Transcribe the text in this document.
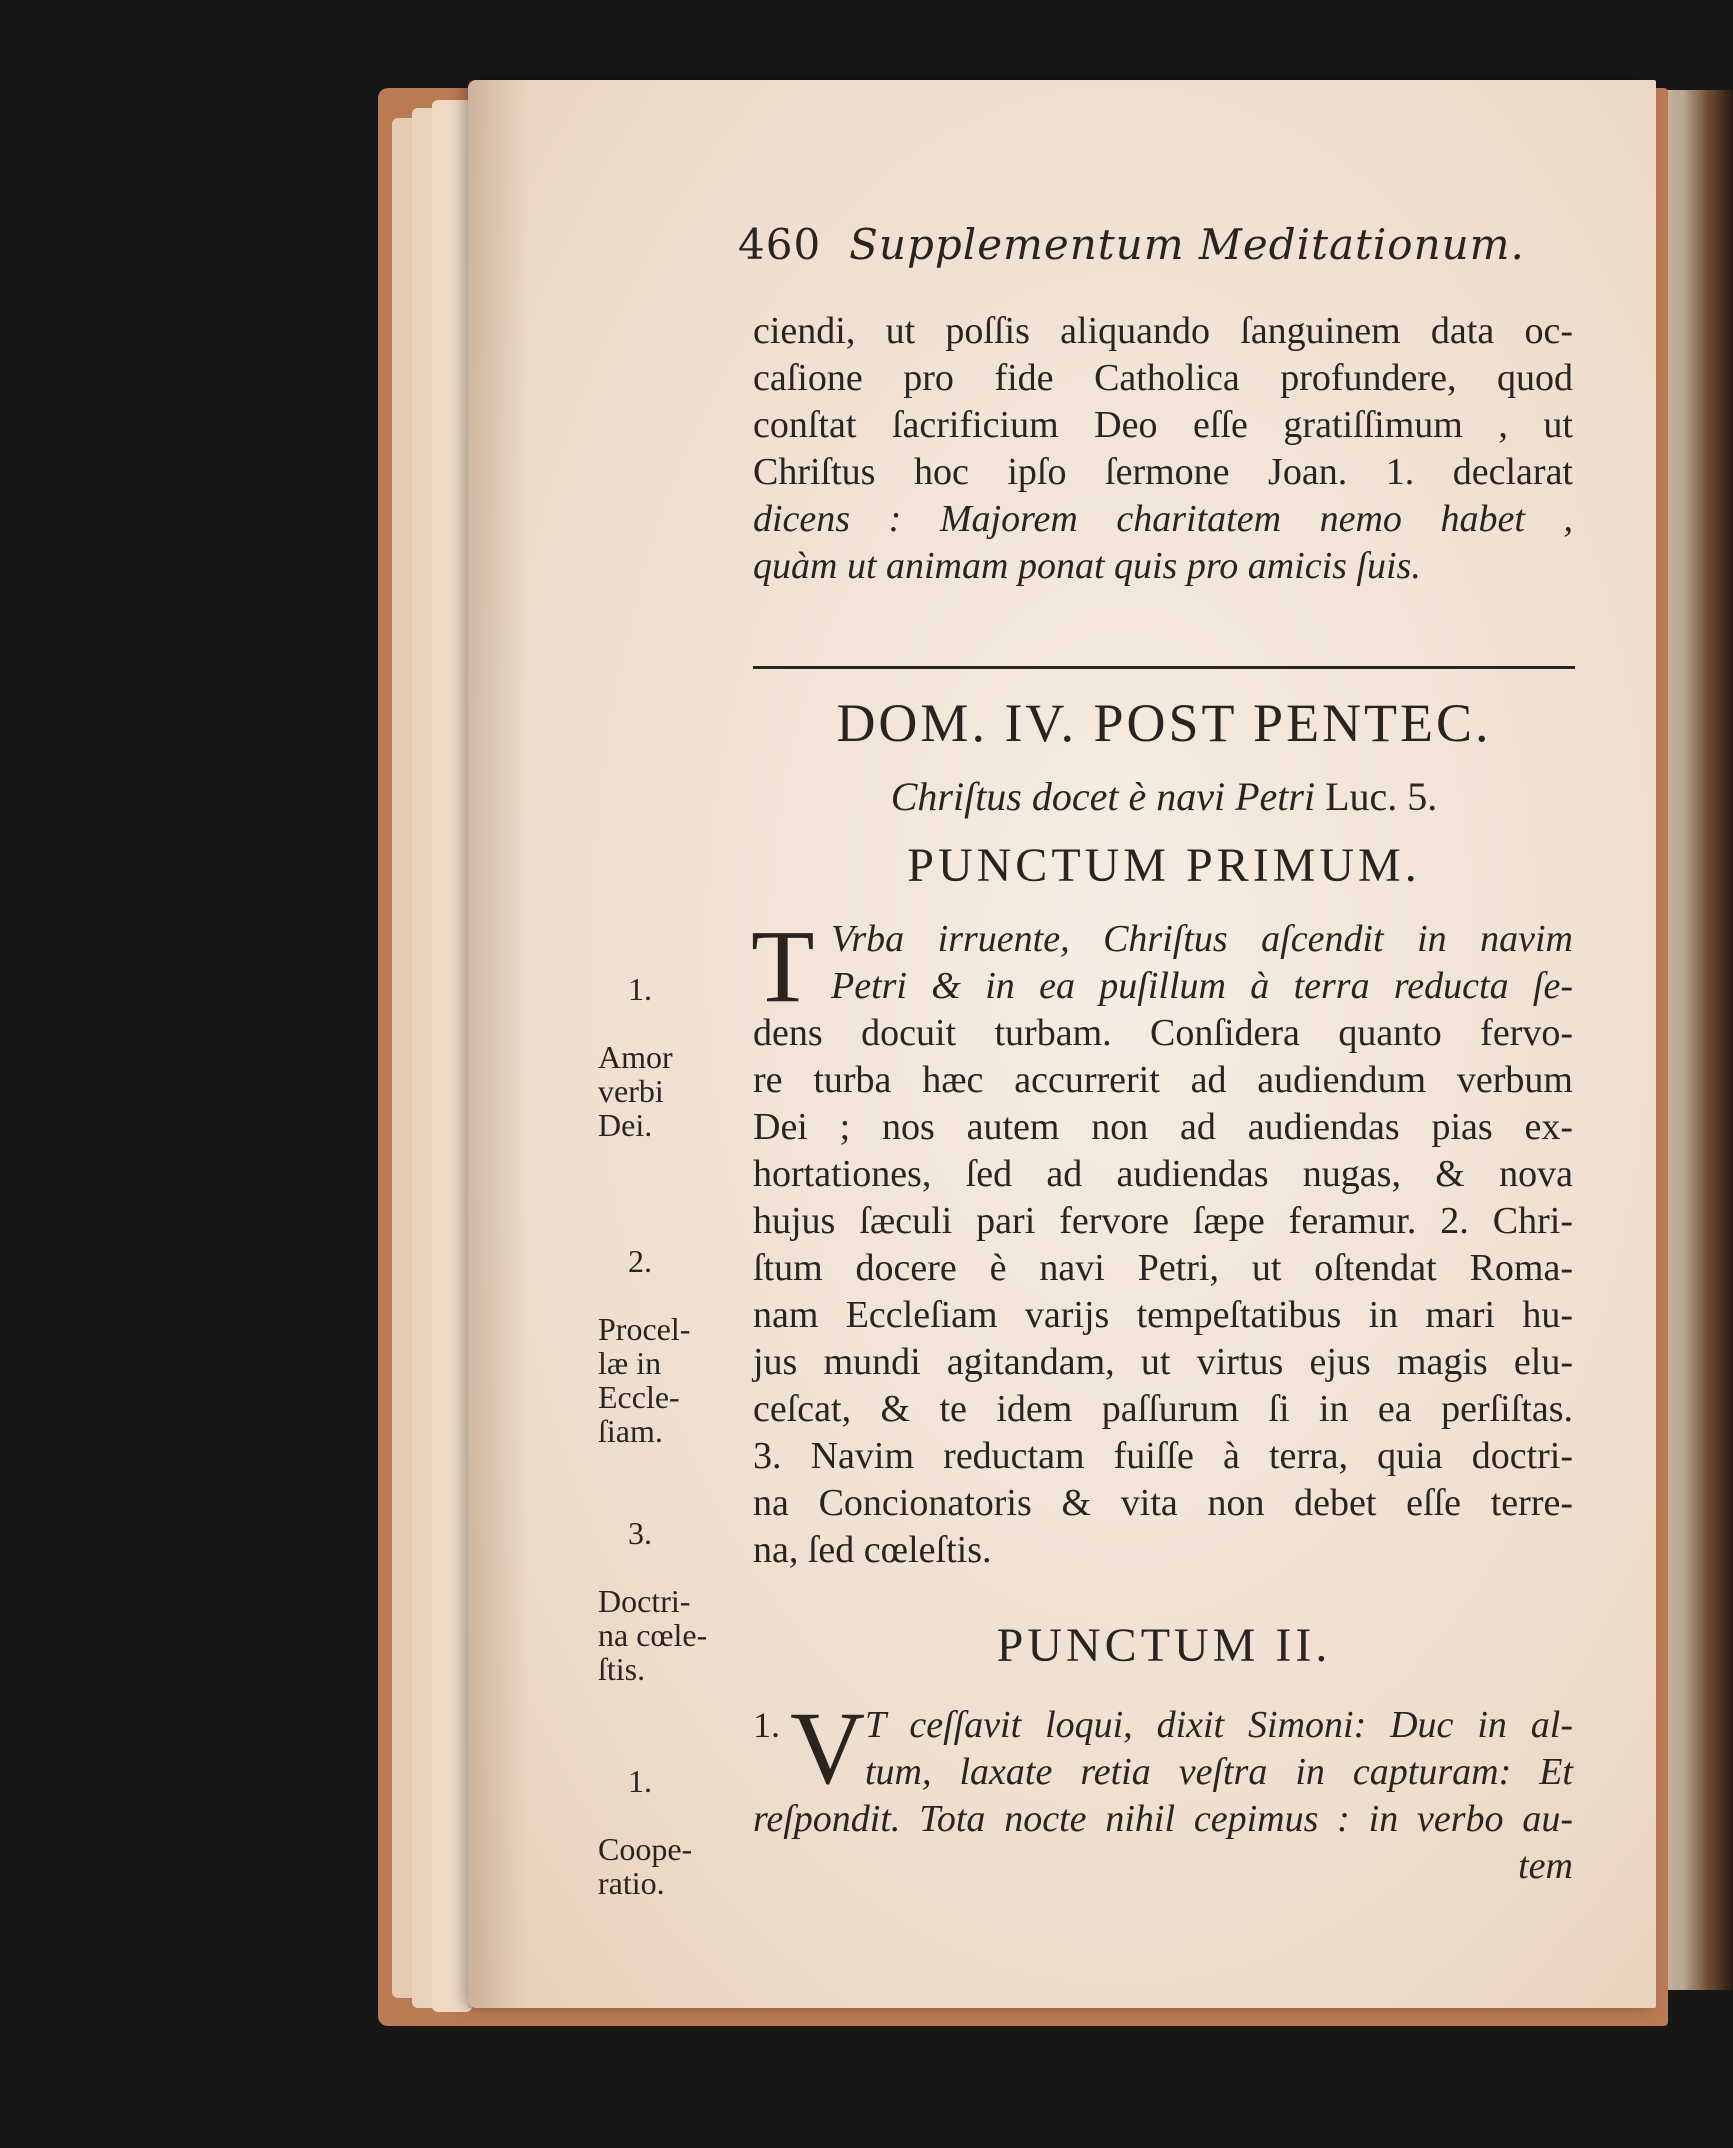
460 Supplementum Meditationum.
ciendi, ut poſſis aliquando ſanguinem data oc-
caſione pro fide Catholica profundere, quod
conſtat ſacrificium Deo eſſe gratiſſimum , ut
Chriſtus hoc ipſo ſermone Joan. 1. declarat
dicens : Majorem charitatem nemo habet ,
quàm ut animam ponat quis pro amicis ſuis.
DOM. IV. POST PENTEC.
Chriſtus docet è navi Petri Luc. 5.
PUNCTUM PRIMUM.
T Vrba irruente, Chriſtus aſcendit in navim
Petri & in ea puſillum à terra reducta ſe-
dens docuit turbam. Conſidera quanto fervo-
re turba hæc accurrerit ad audiendum verbum
Dei ; nos autem non ad audiendas pias ex-
hortationes, ſed ad audiendas nugas, & nova
hujus ſæculi pari fervore ſæpe feramur. 2. Chri-
ſtum docere è navi Petri, ut oſtendat Roma-
nam Eccleſiam varijs tempeſtatibus in mari hu-
jus mundi agitandam, ut virtus ejus magis elu-
ceſcat, & te idem paſſurum ſi in ea perſiſtas.
3. Navim reductam fuiſſe à terra, quia doctri-
na Concionatoris & vita non debet eſſe terre-
na, ſed cœleſtis.
PUNCTUM II.
1. V T ceſſavit loqui, dixit Simoni: Duc in al-
tum, laxate retia veſtra in capturam: Et
reſpondit. Tota nocte nihil cepimus : in verbo au-
tem

1.

Amor
verbi
Dei.

2.

Procel-
læ in
Eccle-
ſiam.

3.

Doctri-
na cœle-
ſtis.

1.

Coope-
ratio.
